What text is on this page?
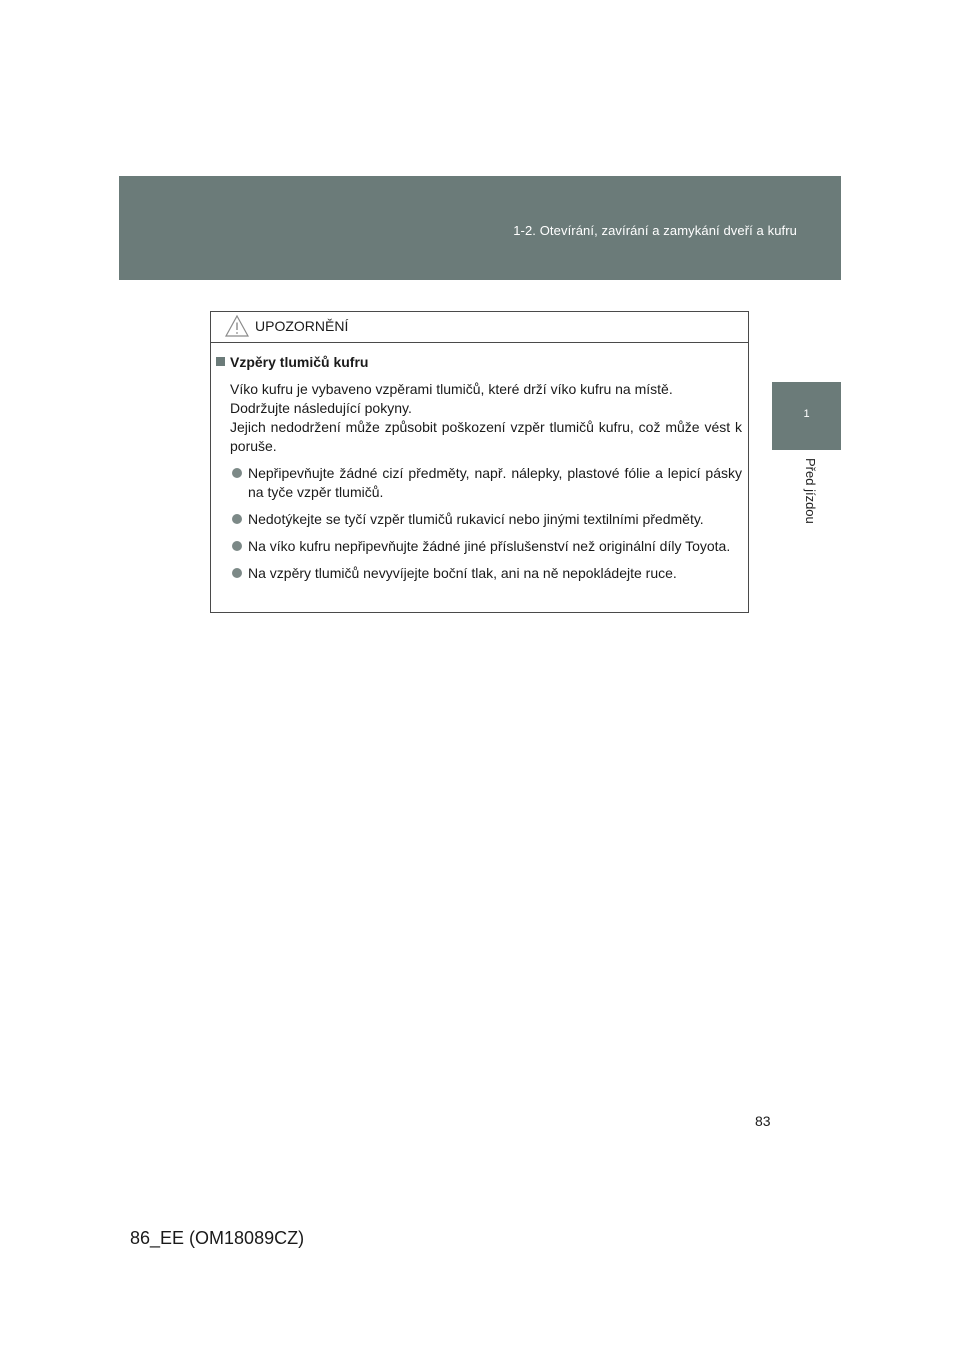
1-2. Otevírání, zavírání a zamykání dveří a kufru
1
Před jízdou
UPOZORNĚNÍ
Vzpěry tlumičů kufru

Víko kufru je vybaveno vzpěrami tlumičů, které drží víko kufru na místě.

Dodržujte následující pokyny.

Jejich nedodržení může způsobit poškození vzpěr tlumičů kufru, což může vést k poruše.

Nepřipevňujte žádné cizí předměty, např. nálepky, plastové fólie a lepicí pásky na tyče vzpěr tlumičů.
Nedotýkejte se tyčí vzpěr tlumičů rukavicí nebo jinými textilními předměty.
Na víko kufru nepřipevňujte žádné jiné příslušenství než originální díly Toyota.
Na vzpěry tlumičů nevyvíjejte boční tlak, ani na ně nepokládejte ruce.
83
86_EE (OM18089CZ)
